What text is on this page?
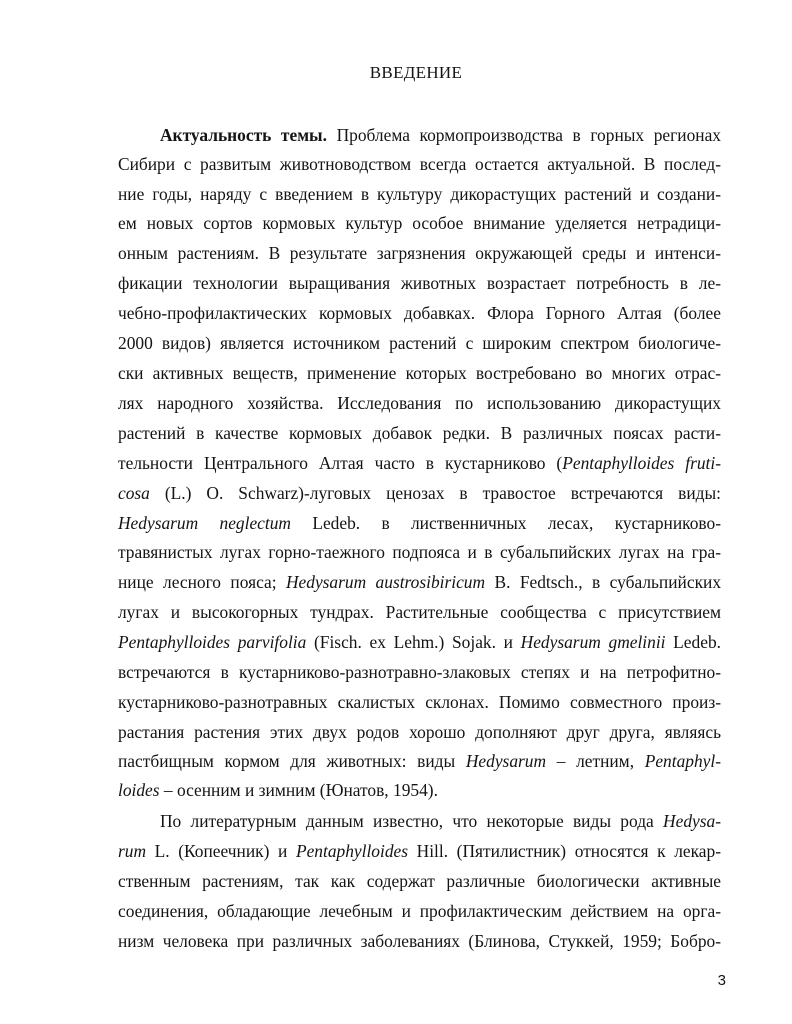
ВВЕДЕНИЕ
Актуальность темы. Проблема кормопроизводства в горных регионах
Сибири с развитым животноводством всегда остается актуальной. В послед-
ние годы, наряду с введением в культуру дикорастущих растений и создани-
ем новых сортов кормовых культур особое внимание уделяется нетрадици-
онным растениям. В результате загрязнения окружающей среды и интенси-
фикации технологии выращивания животных возрастает потребность в ле-
чебно-профилактических кормовых добавках. Флора Горного Алтая (более
2000 видов) является источником растений с широким спектром биологиче-
ски активных веществ, применение которых востребовано во многих отрас-
лях народного хозяйства. Исследования по использованию дикорастущих
растений в качестве кормовых добавок редки. В различных поясах расти-
тельности Центрального Алтая часто в кустарниково (Pentaphylloides fruti-
cosa (L.) O. Schwarz)-луговых ценозах в травостое встречаются виды:
Hedysarum neglectum Ledeb. в лиственничных лесах, кустарниково-
травянистых лугах горно-таежного подпояса и в субальпийских лугах на гра-
нице лесного пояса; Hedysarum austrosibiricum B. Fedtsch., в субальпийских
лугах и высокогорных тундрах. Растительные сообщества с присутствием
Pentaphylloides parvifolia (Fisch. ex Lehm.) Sojak. и Hedysarum gmelinii Ledeb.
встречаются в кустарниково-разнотравно-злаковых степях и на петрофитно-
кустарниково-разнотравных скалистых склонах. Помимо совместного произ-
растания растения этих двух родов хорошо дополняют друг друга, являясь
пастбищным кормом для животных: виды Hedysarum – летним, Pentaphyl-
loides – осенним и зимним (Юнатов, 1954).
По литературным данным известно, что некоторые виды рода Hedysa-
rum L. (Копеечник) и Pentaphylloides Hill. (Пятилистник) относятся к лекар-
ственным растениям, так как содержат различные биологически активные
соединения, обладающие лечебным и профилактическим действием на орга-
низм человека при различных заболеваниях (Блинова, Стуккей, 1959; Бобро-
3
